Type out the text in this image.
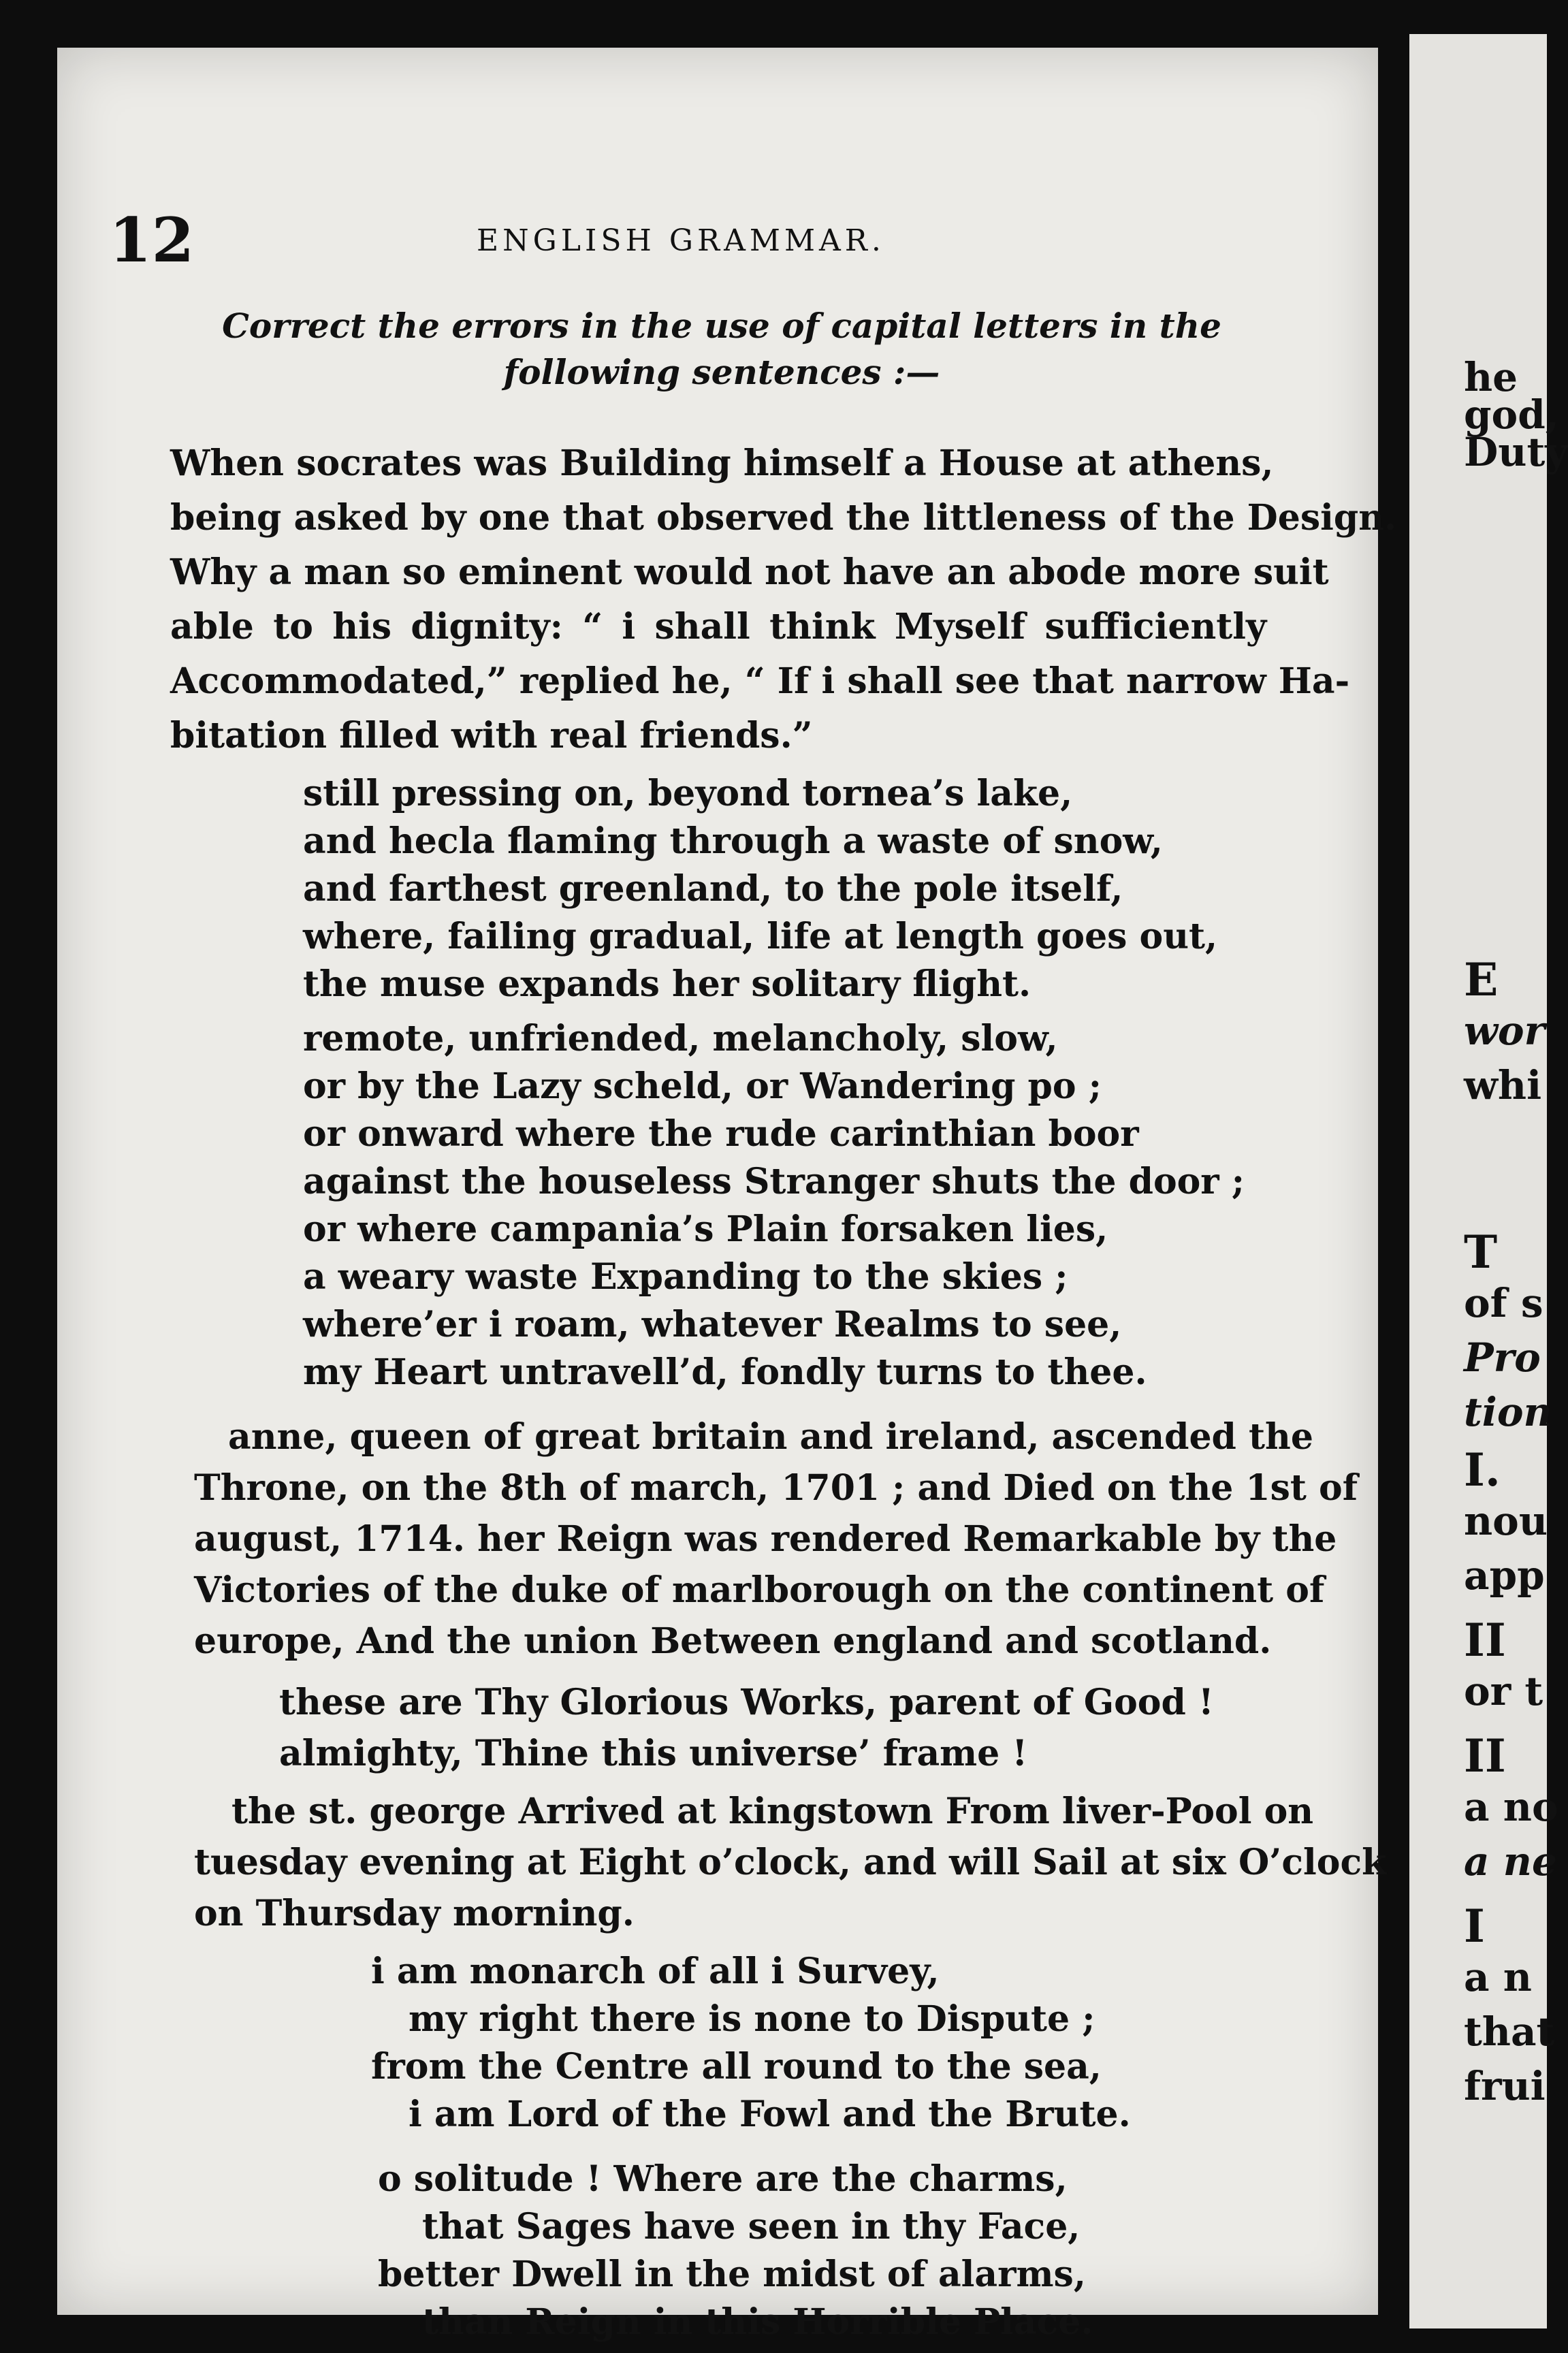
12	ENGLISH GRAMMAR.
Correct the errors in the use of capital letters in the following sentences :—
When socrates was Building himself a House at athens,
being asked by one that observed the littleness of the Design.
Why a man so eminent would not have an abode more suit
able to his dignity: “ i shall think Myself sufficiently
Accommodated,” replied he, “ If i shall see that narrow Ha-
bitation filled with real friends.”
still pressing on, beyond tornea’s lake,
and hecla flaming through a waste of snow,
and farthest greenland, to the pole itself,
where, failing gradual, life at length goes out,
the muse expands her solitary flight.
remote, unfriended, melancholy, slow,
or by the Lazy scheld, or Wandering po ;
or onward where the rude carinthian boor
against the houseless Stranger shuts the door ;
or where campania’s Plain forsaken lies,
a weary waste Expanding to the skies ;
where’er i roam, whatever Realms to see,
my Heart untravell’d, fondly turns to thee.
anne, queen of great britain and ireland, ascended the
Throne, on the 8th of march, 1701 ; and Died on the 1st of
august, 1714. her Reign was rendered Remarkable by the
Victories of the duke of marlborough on the continent of
europe, And the union Between england and scotland.
these are Thy Glorious Works, parent of Good !
almighty, Thine this universe’ frame !
the st. george Arrived at kingstown From liver-Pool on
tuesday evening at Eight o’clock, and will Sail at six O’clock
on Thursday morning.
i am monarch of all i Survey,
my right there is none to Dispute ;
from the Centre all round to the sea,
i am Lord of the Fowl and the Brute.
o solitude ! Where are the charms,
that Sages have seen in thy Face,
better Dwell in the midst of alarms,
than Reign in this Horrible Place.
he
god,
Duty
E
wor
whi
T
of s
Pro
tion
I.
nou
app
II
or t
II
a no
a ne
I
a n
that
frui
